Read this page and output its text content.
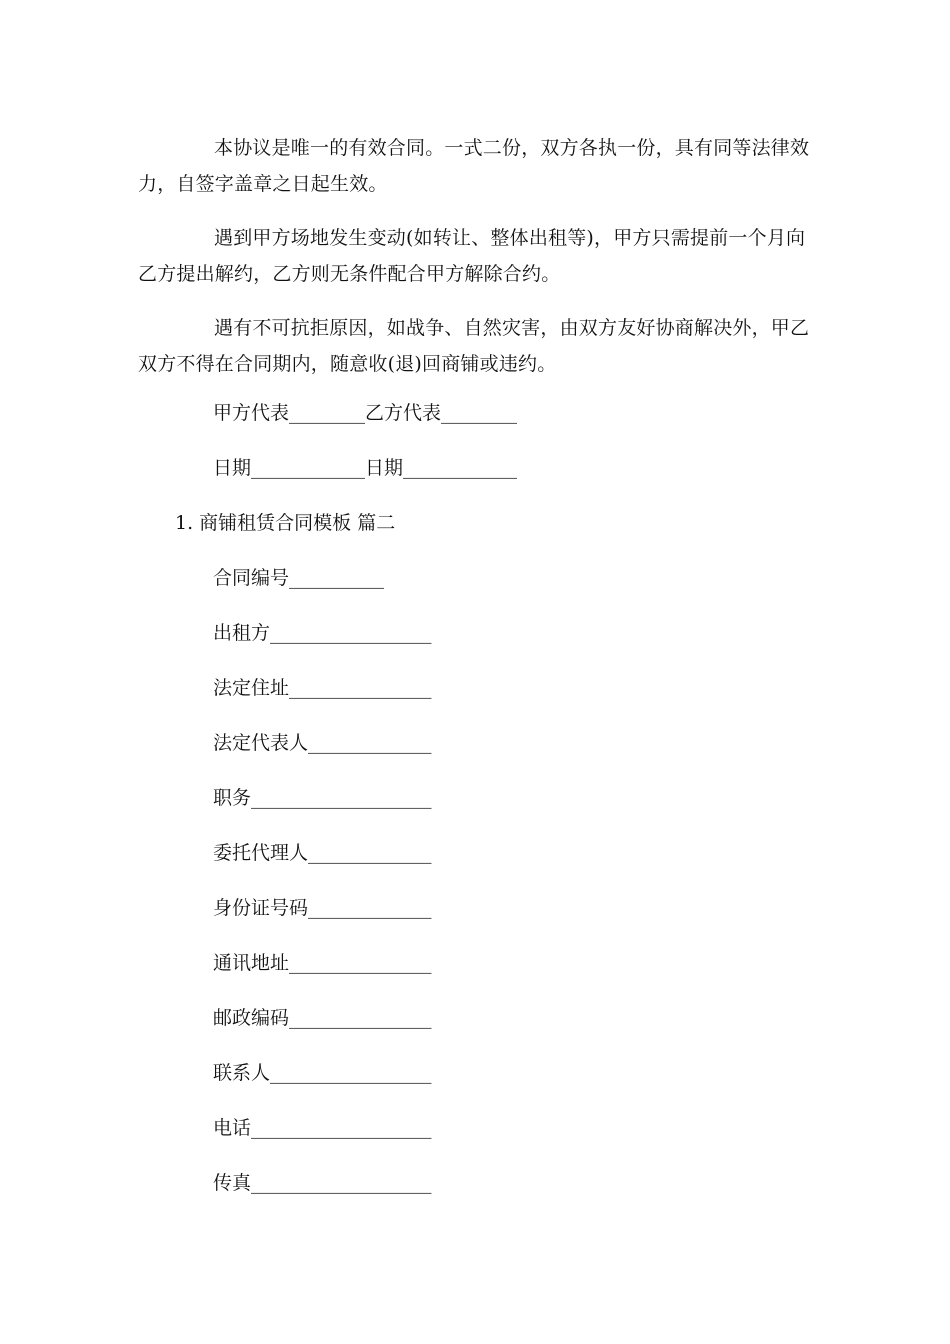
本协议是唯一的有效合同。一式二份，双方各执一份，具有同等法律效力，自签字盖章之日起生效。

遇到甲方场地发生变动(如转让、整体出租等)，甲方只需提前一个月向乙方提出解约，乙方则无条件配合甲方解除合约。

遇有不可抗拒原因，如战争、自然灾害，由双方友好协商解决外，甲乙双方不得在合同期内，随意收(退)回商铺或违约。

甲方代表________乙方代表________

日期____________日期____________

1. 商铺租赁合同模板 篇二

合同编号__________

出租方_________________

法定住址_______________

法定代表人_____________

职务___________________

委托代理人_____________

身份证号码_____________

通讯地址_______________

邮政编码_______________

联系人_________________

电话___________________

传真___________________
